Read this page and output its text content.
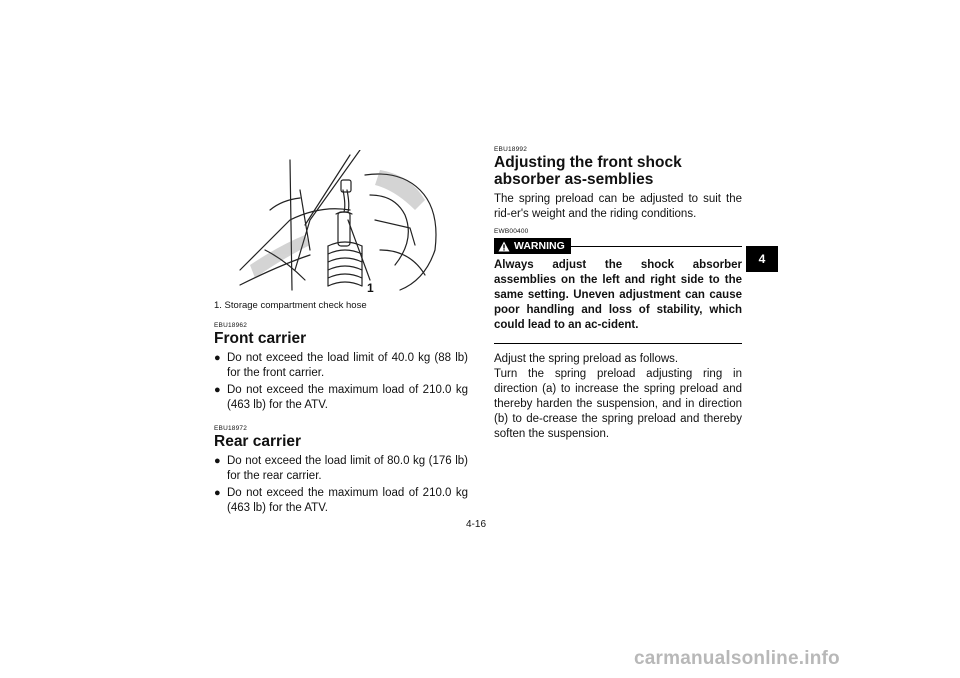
1
1. Storage compartment check hose
EBU18962
Front carrier
● Do not exceed the load limit of 40.0 kg (88 lb) for the front carrier.
● Do not exceed the maximum load of 210.0 kg (463 lb) for the ATV.
EBU18972
Rear carrier
● Do not exceed the load limit of 80.0 kg (176 lb) for the rear carrier.
● Do not exceed the maximum load of 210.0 kg (463 lb) for the ATV.
EBU18992
Adjusting the front shock absorber as-semblies

The spring preload can be adjusted to suit the rid-er's weight and the riding conditions.

EWB00400
WARNING
Always adjust the shock absorber assemblies on the left and right side to the same setting. Uneven adjustment can cause poor handling and loss of stability, which could lead to an ac-cident.

Adjust the spring preload as follows.

Turn the spring preload adjusting ring in direction (a) to increase the spring preload and thereby harden the suspension, and in direction (b) to de-crease the spring preload and thereby soften the suspension.

4
4-16
carmanualsonline.info
